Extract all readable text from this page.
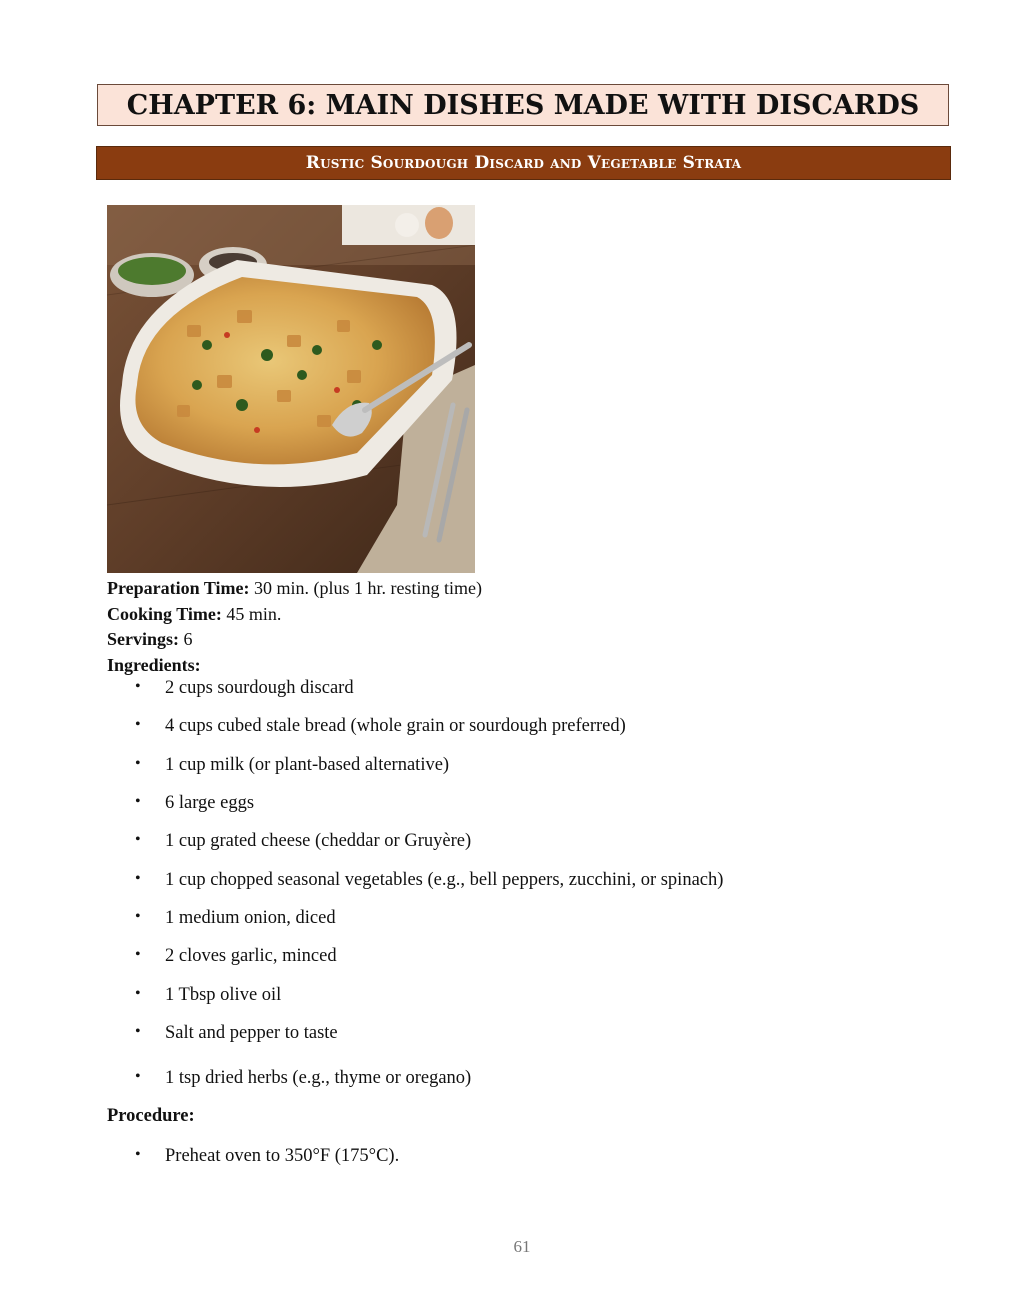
CHAPTER 6: MAIN DISHES MADE WITH DISCARDS
Rustic Sourdough Discard and Vegetable Strata
Preparation Time: 30 min. (plus 1 hr. resting time)
Cooking Time: 45 min.
Servings: 6
Ingredients:
• 2 cups sourdough discard
• 4 cups cubed stale bread (whole grain or sourdough preferred)
• 1 cup milk (or plant-based alternative)
• 6 large eggs
• 1 cup grated cheese (cheddar or Gruyère)
• 1 cup chopped seasonal vegetables (e.g., bell peppers, zucchini, or spinach)
• 1 medium onion, diced
• 2 cloves garlic, minced
• 1 Tbsp olive oil
• Salt and pepper to taste
• 1 tsp dried herbs (e.g., thyme or oregano)
Procedure:
• Preheat oven to 350°F (175°C).
61
